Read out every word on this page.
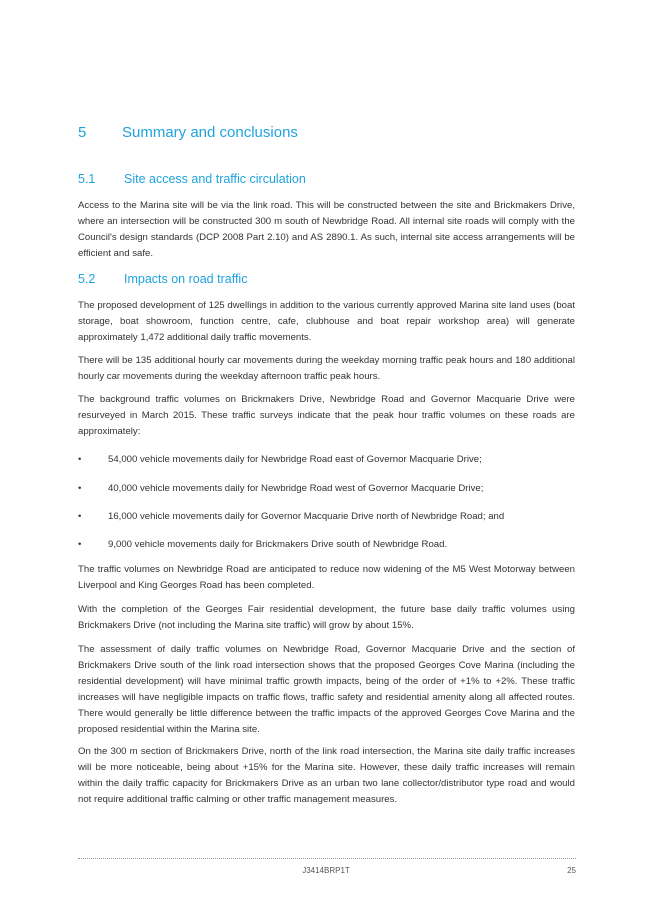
5 Summary and conclusions
5.1 Site access and traffic circulation

Access to the Marina site will be via the link road. This will be constructed between the site and Brickmakers Drive, where an intersection will be constructed 300 m south of Newbridge Road. All internal site roads will comply with the Council's design standards (DCP 2008 Part 2.10) and AS 2890.1. As such, internal site access arrangements will be efficient and safe.

5.2 Impacts on road traffic

The proposed development of 125 dwellings in addition to the various currently approved Marina site land uses (boat storage, boat showroom, function centre, cafe, clubhouse and boat repair workshop area) will generate approximately 1,472 additional daily traffic movements.

There will be 135 additional hourly car movements during the weekday morning traffic peak hours and 180 additional hourly car movements during the weekday afternoon traffic peak hours.

The background traffic volumes on Brickmakers Drive, Newbridge Road and Governor Macquarie Drive were resurveyed in March 2015. These traffic surveys indicate that the peak hour traffic volumes on these roads are approximately:

•	54,000 vehicle movements daily for Newbridge Road east of Governor Macquarie Drive;
•	40,000 vehicle movements daily for Newbridge Road west of Governor Macquarie Drive;
•	16,000 vehicle movements daily for Governor Macquarie Drive north of Newbridge Road; and
•	9,000 vehicle movements daily for Brickmakers Drive south of Newbridge Road.

The traffic volumes on Newbridge Road are anticipated to reduce now widening of the M5 West Motorway between Liverpool and King Georges Road has been completed.

With the completion of the Georges Fair residential development, the future base daily traffic volumes using Brickmakers Drive (not including the Marina site traffic) will grow by about 15%.

The assessment of daily traffic volumes on Newbridge Road, Governor Macquarie Drive and the section of Brickmakers Drive south of the link road intersection shows that the proposed Georges Cove Marina (including the residential development) will have minimal traffic growth impacts, being of the order of +1% to +2%. These traffic increases will have negligible impacts on traffic flows, traffic safety and residential amenity along all affected routes. There would generally be little difference between the traffic impacts of the approved Georges Cove Marina and the proposed residential within the Marina site.

On the 300 m section of Brickmakers Drive, north of the link road intersection, the Marina site daily traffic increases will be more noticeable, being about +15% for the Marina site. However, these daily traffic increases will remain within the daily traffic capacity for Brickmakers Drive as an urban two lane collector/distributor type road and would not require additional traffic calming or other traffic management measures.

J3414BRP1T	25
